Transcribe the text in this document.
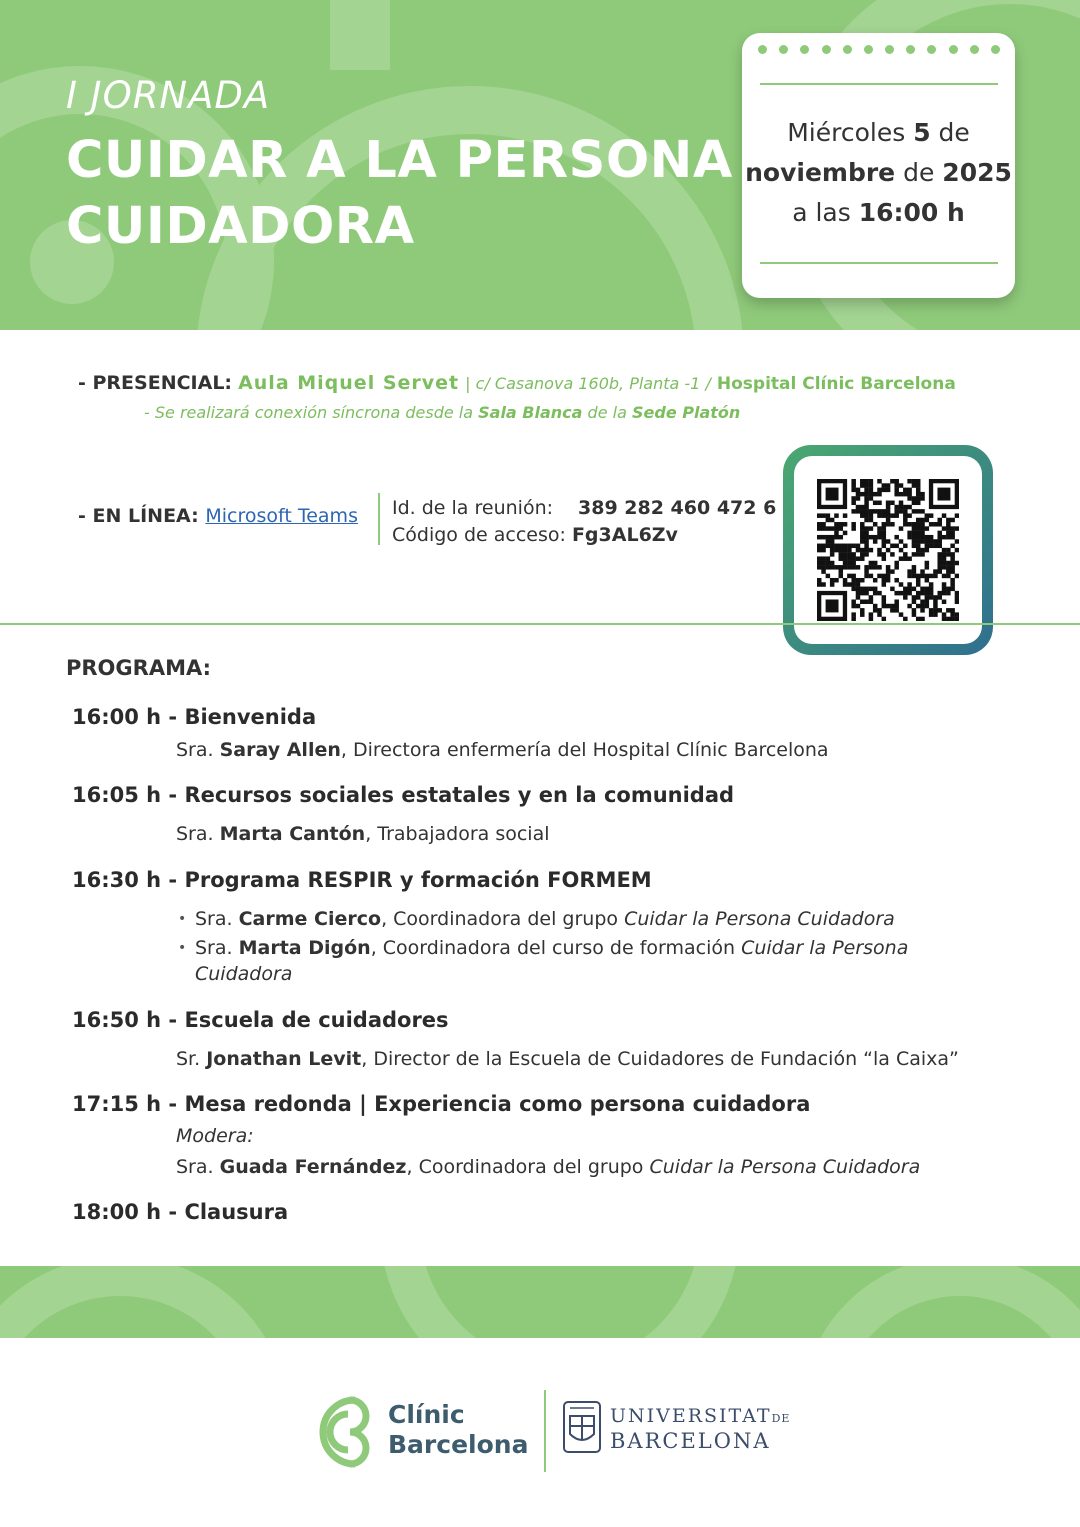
I JORNADA
CUIDAR A LA PERSONA
CUIDADORA
Miércoles 5 de
noviembre de 2025
a las 16:00 h
- PRESENCIAL: Aula Miquel Servet | c/ Casanova 160b, Planta -1 / Hospital Clínic Barcelona
- Se realizará conexión síncrona desde la Sala Blanca de la Sede Platón
- EN LÍNEA: Microsoft Teams Id. de la reunión: 389 282 460 472 6
Código de acceso: Fg3AL6Zv
PROGRAMA:
16:00 h - Bienvenida
Sra. Saray Allen, Directora enfermería del Hospital Clínic Barcelona
16:05 h - Recursos sociales estatales y en la comunidad
Sra. Marta Cantón, Trabajadora social
16:30 h - Programa RESPIR y formación FORMEM
• Sra. Carme Cierco, Coordinadora del grupo Cuidar la Persona Cuidadora
• Sra. Marta Digón, Coordinadora del curso de formación Cuidar la Persona
Cuidadora
16:50 h - Escuela de cuidadores
Sr. Jonathan Levit, Director de la Escuela de Cuidadores de Fundación “la Caixa”
17:15 h - Mesa redonda | Experiencia como persona cuidadora
Modera:
Sra. Guada Fernández, Coordinadora del grupo Cuidar la Persona Cuidadora
18:00 h - Clausura
Clínic
Barcelona
UNIVERSITATDE
BARCELONA
